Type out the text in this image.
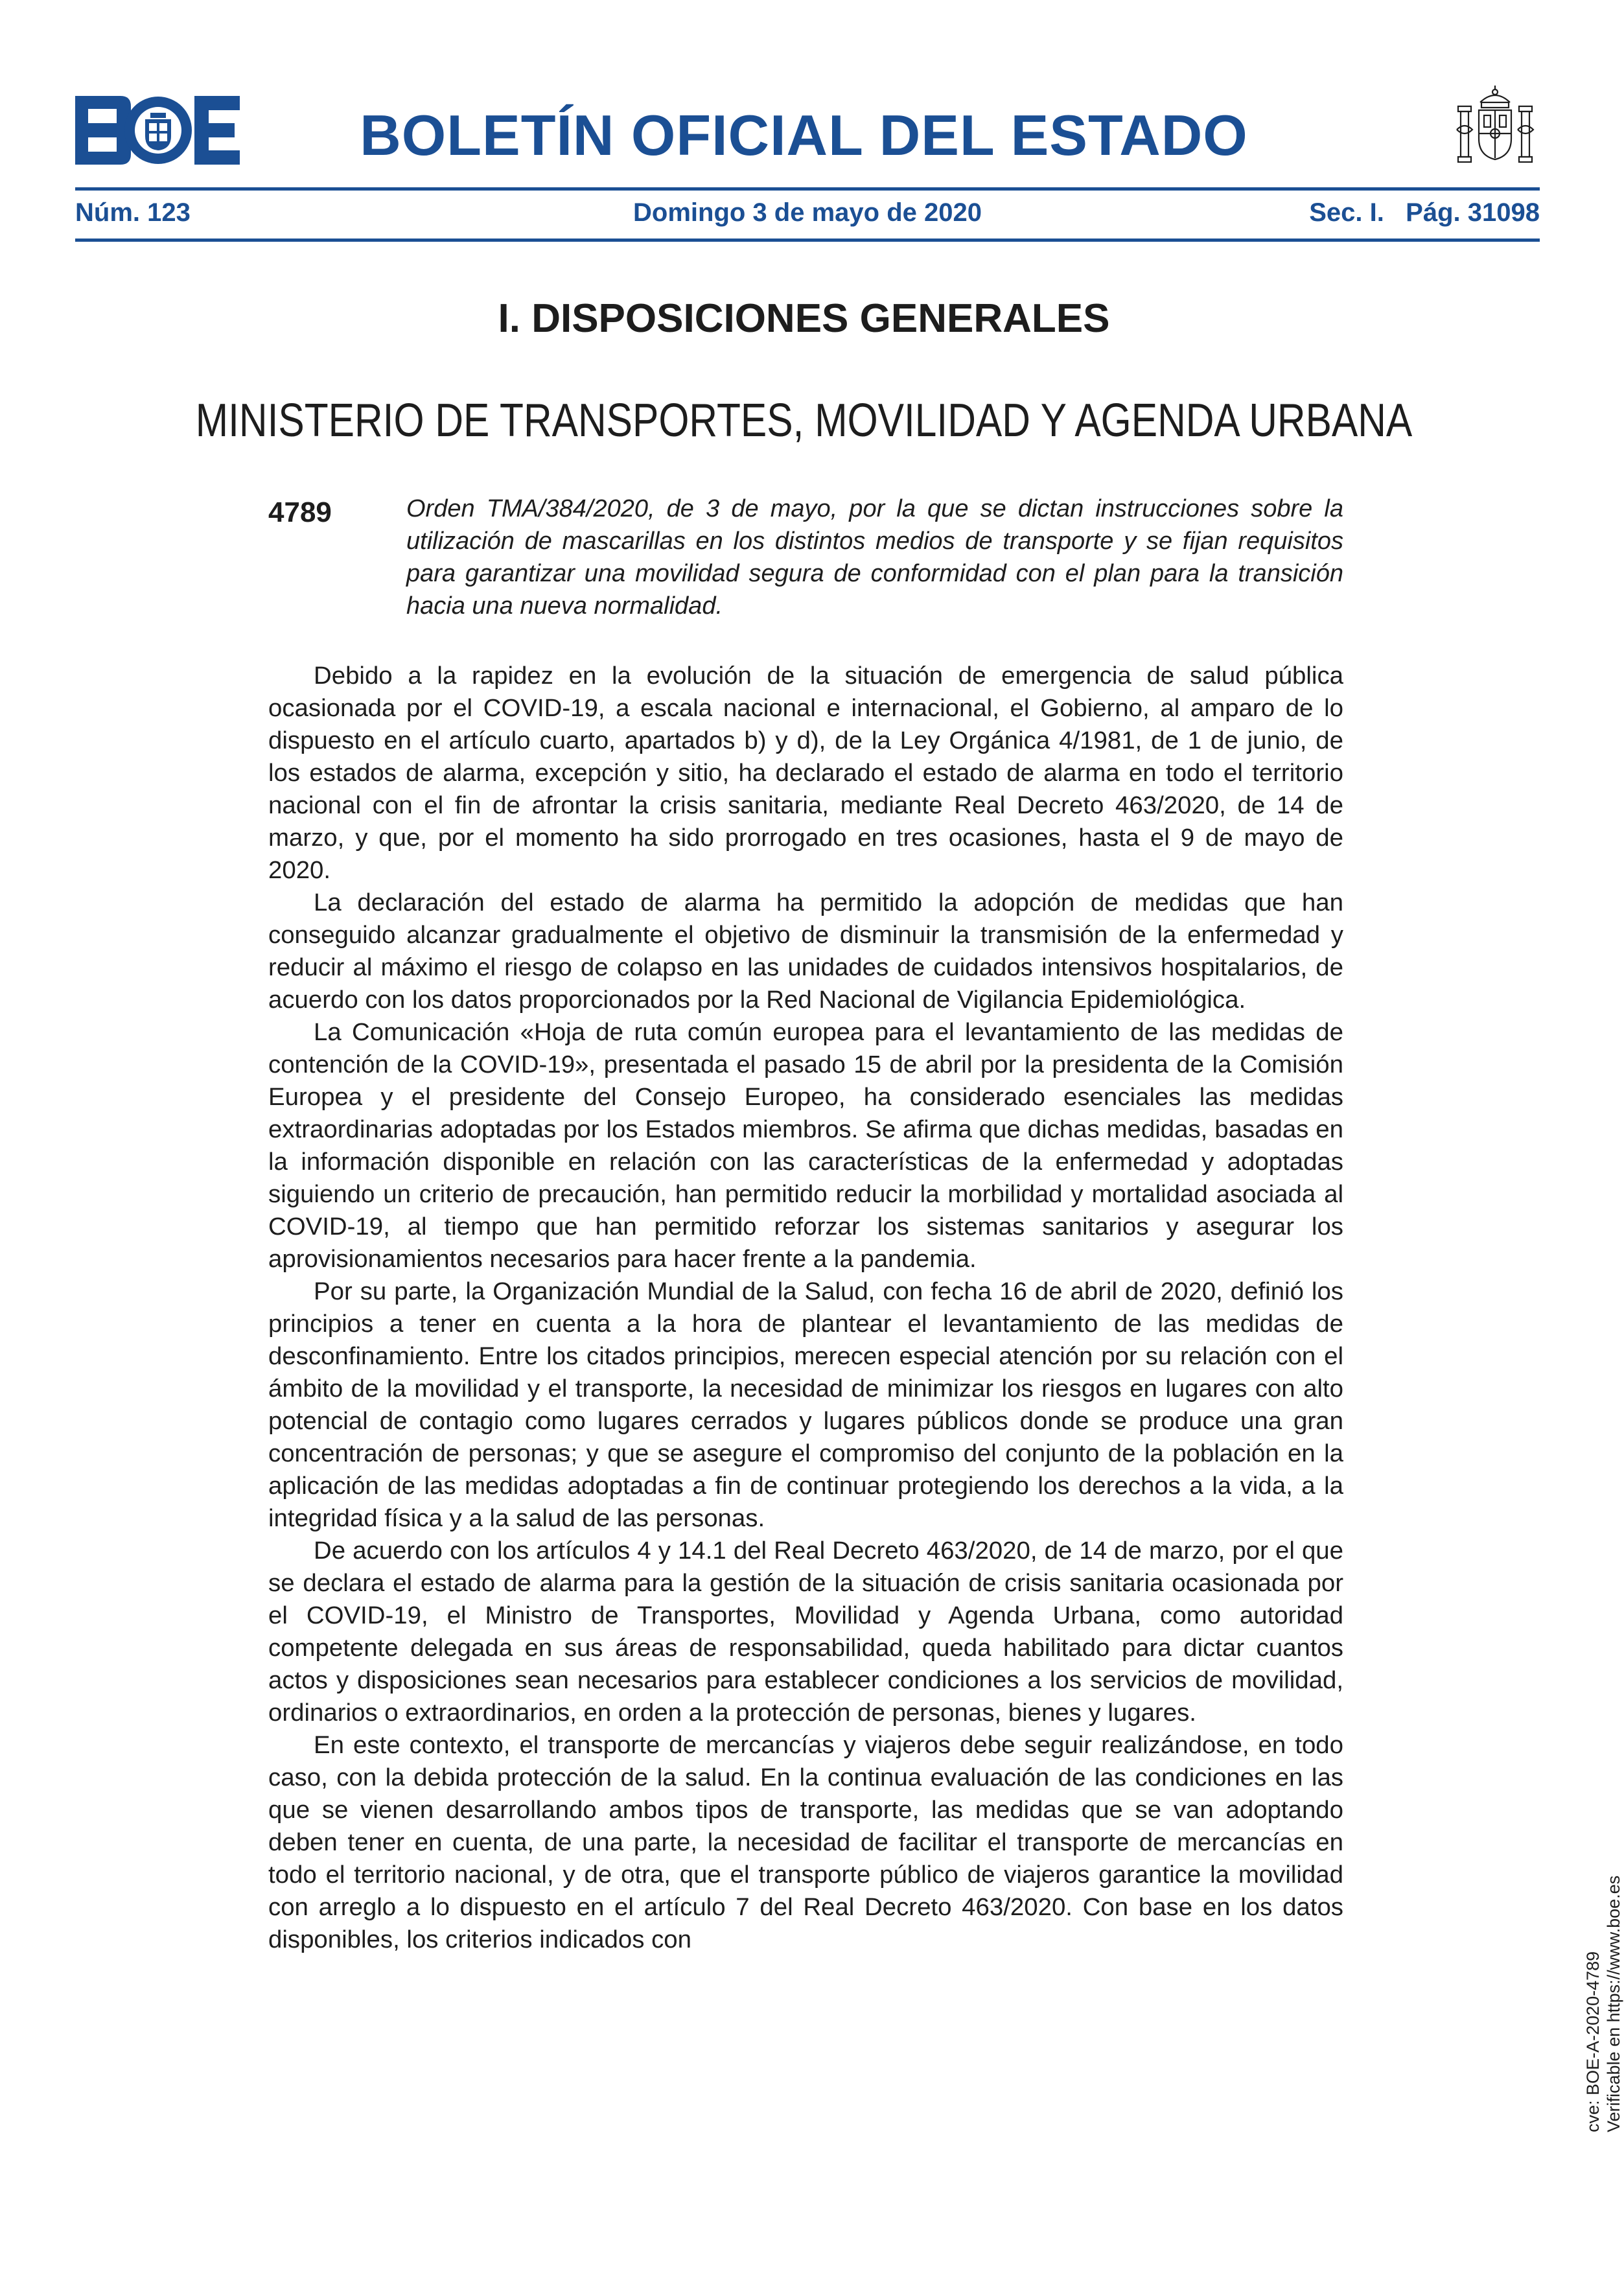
BOLETÍN OFICIAL DEL ESTADO
Domingo 3 de mayo de 2020
Núm. 123	Sec. I.   Pág. 31098
I. DISPOSICIONES GENERALES
MINISTERIO DE TRANSPORTES, MOVILIDAD Y AGENDA URBANA
4789	Orden TMA/384/2020, de 3 de mayo, por la que se dictan instrucciones sobre la utilización de mascarillas en los distintos medios de transporte y se fijan requisitos para garantizar una movilidad segura de conformidad con el plan para la transición hacia una nueva normalidad.

Debido a la rapidez en la evolución de la situación de emergencia de salud pública ocasionada por el COVID-19, a escala nacional e internacional, el Gobierno, al amparo de lo dispuesto en el artículo cuarto, apartados b) y d), de la Ley Orgánica 4/1981, de 1 de junio, de los estados de alarma, excepción y sitio, ha declarado el estado de alarma en todo el territorio nacional con el fin de afrontar la crisis sanitaria, mediante Real Decreto 463/2020, de 14 de marzo, y que, por el momento ha sido prorrogado en tres ocasiones, hasta el 9 de mayo de 2020.

La declaración del estado de alarma ha permitido la adopción de medidas que han conseguido alcanzar gradualmente el objetivo de disminuir la transmisión de la enfermedad y reducir al máximo el riesgo de colapso en las unidades de cuidados intensivos hospitalarios, de acuerdo con los datos proporcionados por la Red Nacional de Vigilancia Epidemiológica.

La Comunicación «Hoja de ruta común europea para el levantamiento de las medidas de contención de la COVID-19», presentada el pasado 15 de abril por la presidenta de la Comisión Europea y el presidente del Consejo Europeo, ha considerado esenciales las medidas extraordinarias adoptadas por los Estados miembros. Se afirma que dichas medidas, basadas en la información disponible en relación con las características de la enfermedad y adoptadas siguiendo un criterio de precaución, han permitido reducir la morbilidad y mortalidad asociada al COVID-19, al tiempo que han permitido reforzar los sistemas sanitarios y asegurar los aprovisionamientos necesarios para hacer frente a la pandemia.

Por su parte, la Organización Mundial de la Salud, con fecha 16 de abril de 2020, definió los principios a tener en cuenta a la hora de plantear el levantamiento de las medidas de desconfinamiento. Entre los citados principios, merecen especial atención por su relación con el ámbito de la movilidad y el transporte, la necesidad de minimizar los riesgos en lugares con alto potencial de contagio como lugares cerrados y lugares públicos donde se produce una gran concentración de personas; y que se asegure el compromiso del conjunto de la población en la aplicación de las medidas adoptadas a fin de continuar protegiendo los derechos a la vida, a la integridad física y a la salud de las personas.

De acuerdo con los artículos 4 y 14.1 del Real Decreto 463/2020, de 14 de marzo, por el que se declara el estado de alarma para la gestión de la situación de crisis sanitaria ocasionada por el COVID-19, el Ministro de Transportes, Movilidad y Agenda Urbana, como autoridad competente delegada en sus áreas de responsabilidad, queda habilitado para dictar cuantos actos y disposiciones sean necesarios para establecer condiciones a los servicios de movilidad, ordinarios o extraordinarios, en orden a la protección de personas, bienes y lugares.

En este contexto, el transporte de mercancías y viajeros debe seguir realizándose, en todo caso, con la debida protección de la salud. En la continua evaluación de las condiciones en las que se vienen desarrollando ambos tipos de transporte, las medidas que se van adoptando deben tener en cuenta, de una parte, la necesidad de facilitar el transporte de mercancías en todo el territorio nacional, y de otra, que el transporte público de viajeros garantice la movilidad con arreglo a lo dispuesto en el artículo 7 del Real Decreto 463/2020. Con base en los datos disponibles, los criterios indicados con

cve: BOE-A-2020-4789 Verificable en https://www.boe.es
